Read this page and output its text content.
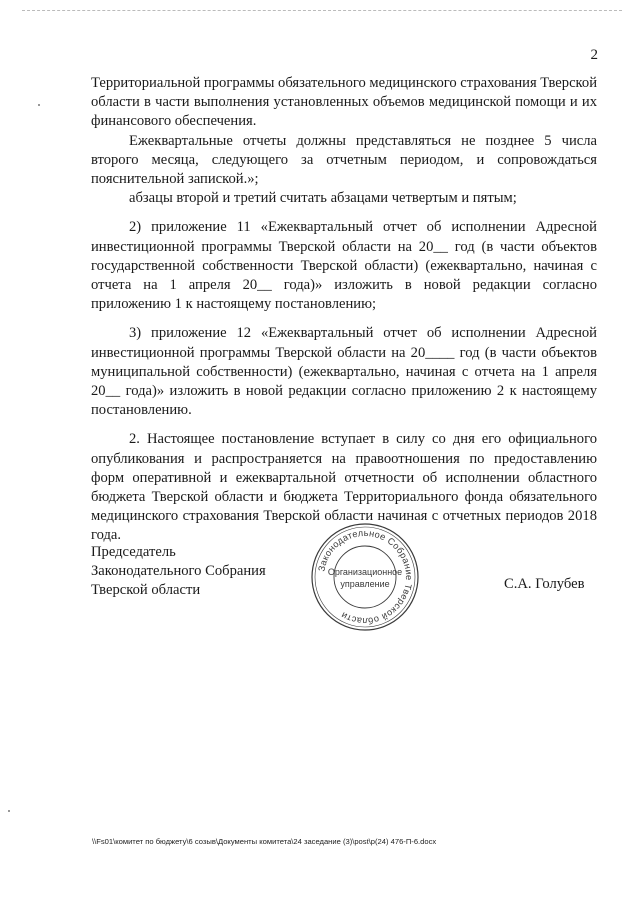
2

Территориальной программы обязательного медицинского страхования Тверской области в части выполнения установленных объемов медицинской помощи и их финансового обеспечения.

Ежеквартальные отчеты должны представляться не позднее 5 числа второго месяца, следующего за отчетным периодом, и сопровождаться пояснительной запиской.»;

абзацы второй и третий считать абзацами четвертым и пятым;

2) приложение 11 «Ежеквартальный отчет об исполнении Адресной инвестиционной программы Тверской области на 20__ год (в части объектов государственной собственности Тверской области) (ежеквартально, начиная с отчета на 1 апреля 20__ года)» изложить в новой редакции согласно приложению 1 к настоящему постановлению;

3) приложение 12 «Ежеквартальный отчет об исполнении Адресной инвестиционной программы Тверской области на 20____ год (в части объектов муниципальной собственности) (ежеквартально, начиная с отчета на 1 апреля 20__ года)» изложить в новой редакции согласно приложению 2 к настоящему постановлению.

2. Настоящее постановление вступает в силу со дня его официального опубликования и распространяется на правоотношения по предоставлению форм оперативной и ежеквартальной отчетности об исполнении областного бюджета Тверской области и бюджета Территориального фонда обязательного медицинского страхования Тверской области начиная с отчетных периодов 2018 года.

Председатель
Законодательного Собрания
Тверской области
Законодательное Собрание Тверской области
Организационное
управление	С.А. Голубев
\\Fs01\комитет по бюджету\6 созыв\Документы комитета\24 заседание (3)\post\p(24) 476-П-6.docx
